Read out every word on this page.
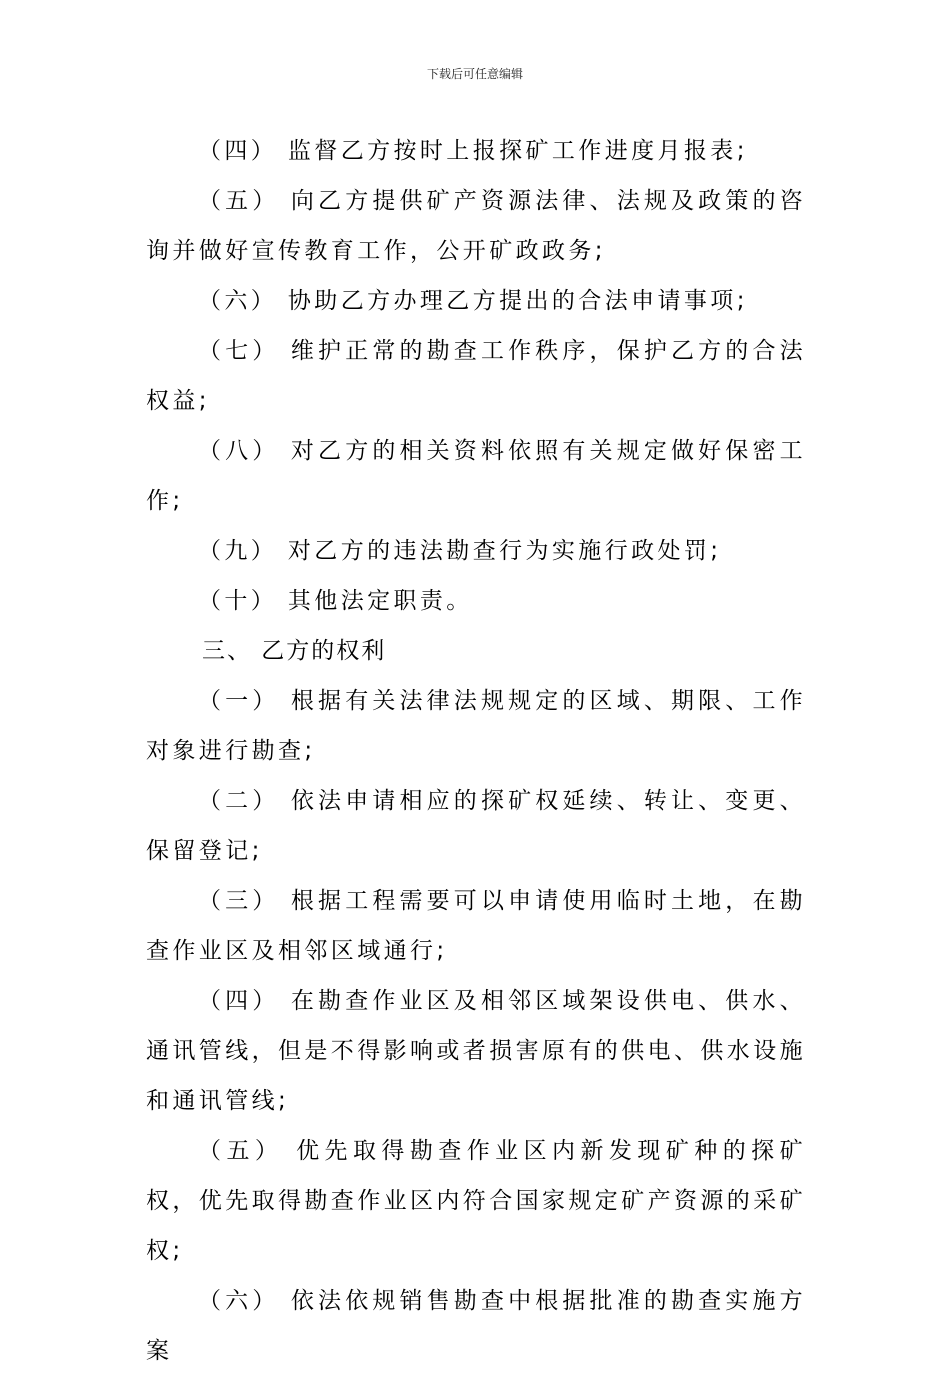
下载后可任意编辑

（四） 监督乙方按时上报探矿工作进度月报表;

（五） 向乙方提供矿产资源法律、法规及政策的咨询并做好宣传教育工作，公开矿政政务;

（六） 协助乙方办理乙方提出的合法申请事项;

（七） 维护正常的勘查工作秩序，保护乙方的合法权益;

（八） 对乙方的相关资料依照有关规定做好保密工作;

（九） 对乙方的违法勘查行为实施行政处罚;

（十） 其他法定职责。

三、 乙方的权利

（一） 根据有关法律法规规定的区域、期限、工作对象进行勘查;

（二） 依法申请相应的探矿权延续、转让、变更、保留登记;

（三） 根据工程需要可以申请使用临时土地，在勘查作业区及相邻区域通行;

（四） 在勘查作业区及相邻区域架设供电、供水、通讯管线，但是不得影响或者损害原有的供电、供水设施和通讯管线;

（五） 优先取得勘查作业区内新发现矿种的探矿权，优先取得勘查作业区内符合国家规定矿产资源的采矿权;

（六） 依法依规销售勘查中根据批准的勘查实施方案
